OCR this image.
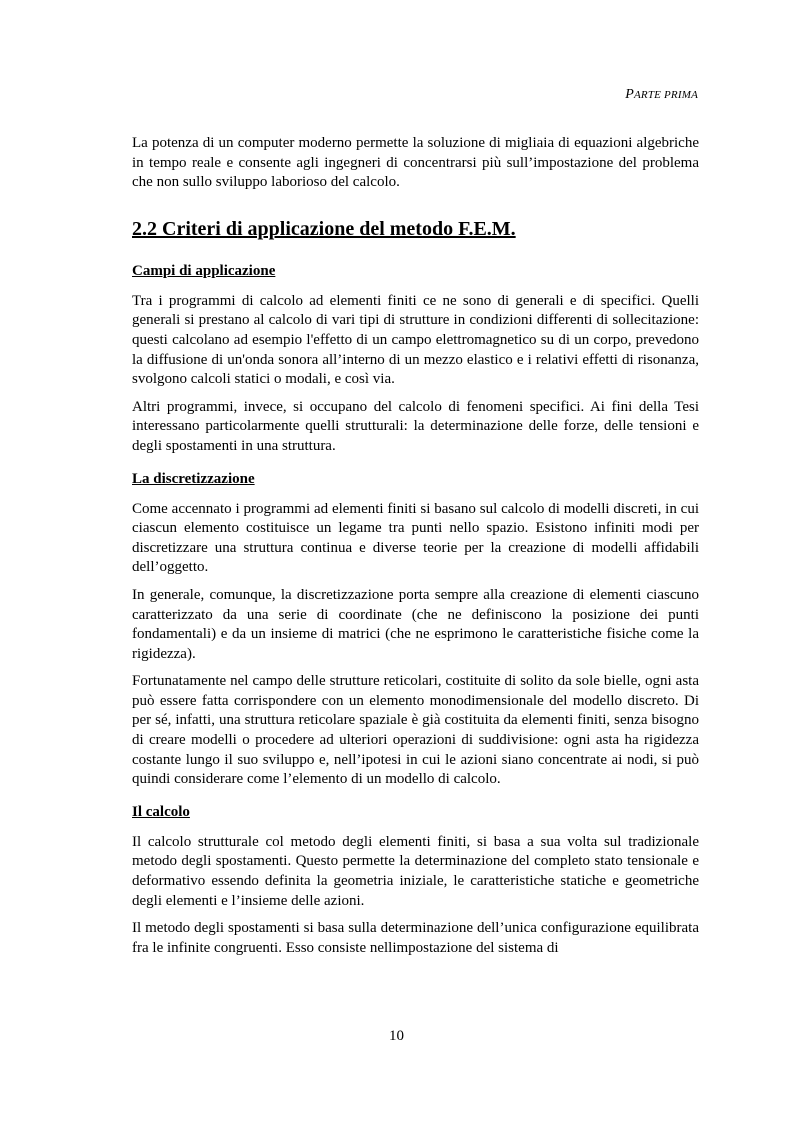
PARTE PRIMA

La potenza di un computer moderno permette la soluzione di migliaia di equazioni algebriche in tempo reale e consente agli ingegneri di concentrarsi più sull’impostazione del problema che non sullo sviluppo laborioso del calcolo.

2.2 Criteri di applicazione del metodo F.E.M.
Campi di applicazione

Tra i programmi di calcolo ad elementi finiti ce ne sono di generali e di specifici. Quelli generali si prestano al calcolo di vari tipi di strutture in condizioni differenti di sollecitazione: questi calcolano ad esempio l'effetto di un campo elettromagnetico su di un corpo, prevedono la diffusione di un'onda sonora all’interno di un mezzo elastico e i relativi effetti di risonanza, svolgono calcoli statici o modali, e così via.

Altri programmi, invece, si occupano del calcolo di fenomeni specifici. Ai fini della Tesi interessano particolarmente quelli strutturali: la determinazione delle forze, delle tensioni e degli spostamenti in una struttura.

La discretizzazione

Come accennato i programmi ad elementi finiti si basano sul calcolo di modelli discreti, in cui ciascun elemento costituisce un legame tra punti nello spazio. Esistono infiniti modi per discretizzare una struttura continua e diverse teorie per la creazione di modelli affidabili dell’oggetto.

In generale, comunque, la discretizzazione porta sempre alla creazione di elementi ciascuno caratterizzato da una serie di coordinate (che ne definiscono la posizione dei punti fondamentali) e da un insieme di matrici (che ne esprimono le caratteristiche fisiche come la rigidezza).

Fortunatamente nel campo delle strutture reticolari, costituite di solito da sole bielle, ogni asta può essere fatta corrispondere con un elemento monodimensionale del modello discreto. Di per sé, infatti, una struttura reticolare spaziale è già costituita da elementi finiti, senza bisogno di creare modelli o procedere ad ulteriori operazioni di suddivisione: ogni asta ha rigidezza costante lungo il suo sviluppo e, nell’ipotesi in cui le azioni siano concentrate ai nodi, si può quindi considerare come l’elemento di un modello di calcolo.

Il calcolo

Il calcolo strutturale col metodo degli elementi finiti, si basa a sua volta sul tradizionale metodo degli spostamenti. Questo permette la determinazione del completo stato tensionale e deformativo essendo definita la geometria iniziale, le caratteristiche statiche e geometriche degli elementi e l’insieme delle azioni.

Il metodo degli spostamenti si basa sulla determinazione dell’unica configurazione equilibrata fra le infinite congruenti. Esso consiste nellimpostazione del sistema di

10
